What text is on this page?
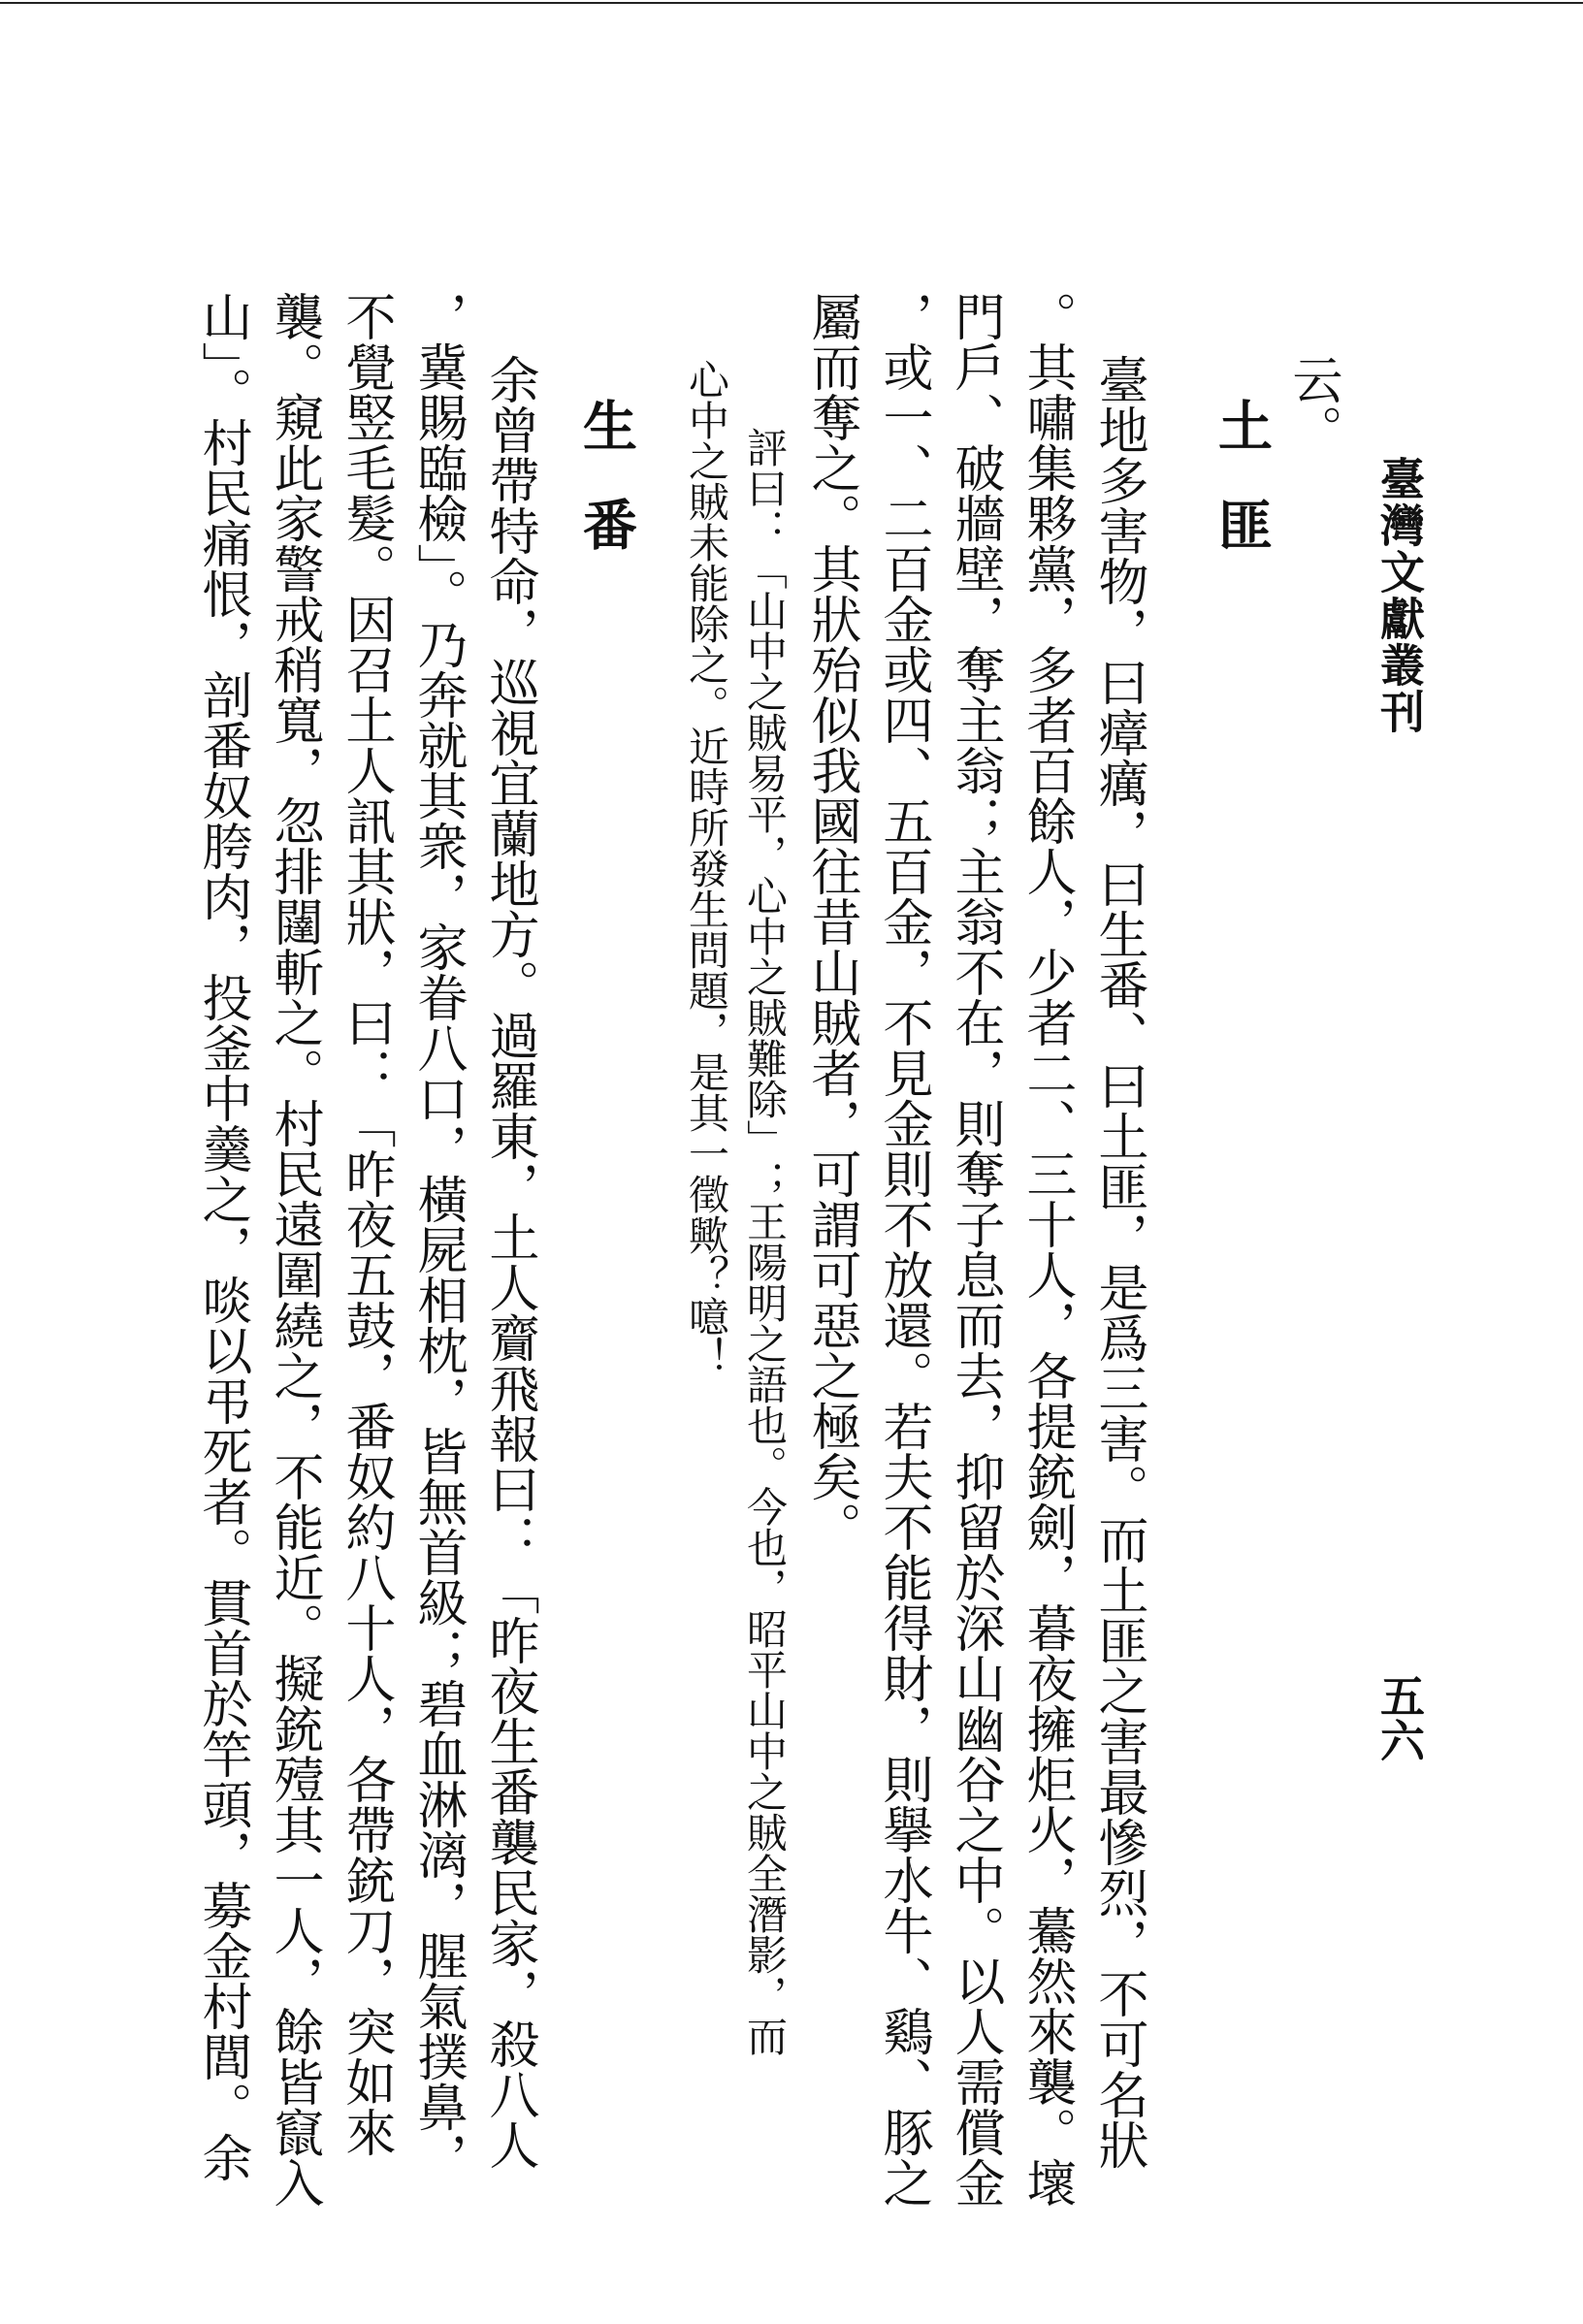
臺灣文獻叢刊
五六
云。
土匪
臺地多害物，曰瘴癘，曰生番、曰土匪，是爲三害。而土匪之害最慘烈，不可名狀
。其嘯集夥黨，多者百餘人，少者二、三十人，各提銃劍，暮夜擁炬火，驀然來襲。壞
門戶、破牆壁，奪主翁；主翁不在，則奪子息而去，抑留於深山幽谷之中。以人需償金
，或一、二百金或四、五百金，不見金則不放還。若夫不能得財，則擧水牛、鷄、豚之
屬而奪之。其狀殆似我國往昔山賊者，可謂可惡之極矣。
評曰：「山中之賊易平，心中之賊難除」；王陽明之語也。今也，昭平山中之賊全潛影，而
心中之賊未能除之。近時所發生問題，是其一徵歟？噫！
生番
余曾帶特命，巡視宜蘭地方。過羅東，土人齎飛報曰：「昨夜生番襲民家，殺八人
，冀賜臨檢」。乃奔就其衆，家眷八口，橫屍相枕，皆無首級；碧血淋漓，腥氣撲鼻，
不覺竪毛髮。因召土人訊其狀，曰：「昨夜五鼓，番奴約八十人，各帶銃刀，突如來
襲。窺此家警戒稍寬，忽排闥斬之。村民遠圍繞之，不能近。擬銃殪其一人，餘皆竄入
山」。村民痛恨，剖番奴胯肉，投釜中羹之，啖以弔死者。貫首於竿頭，募金村閭。余
